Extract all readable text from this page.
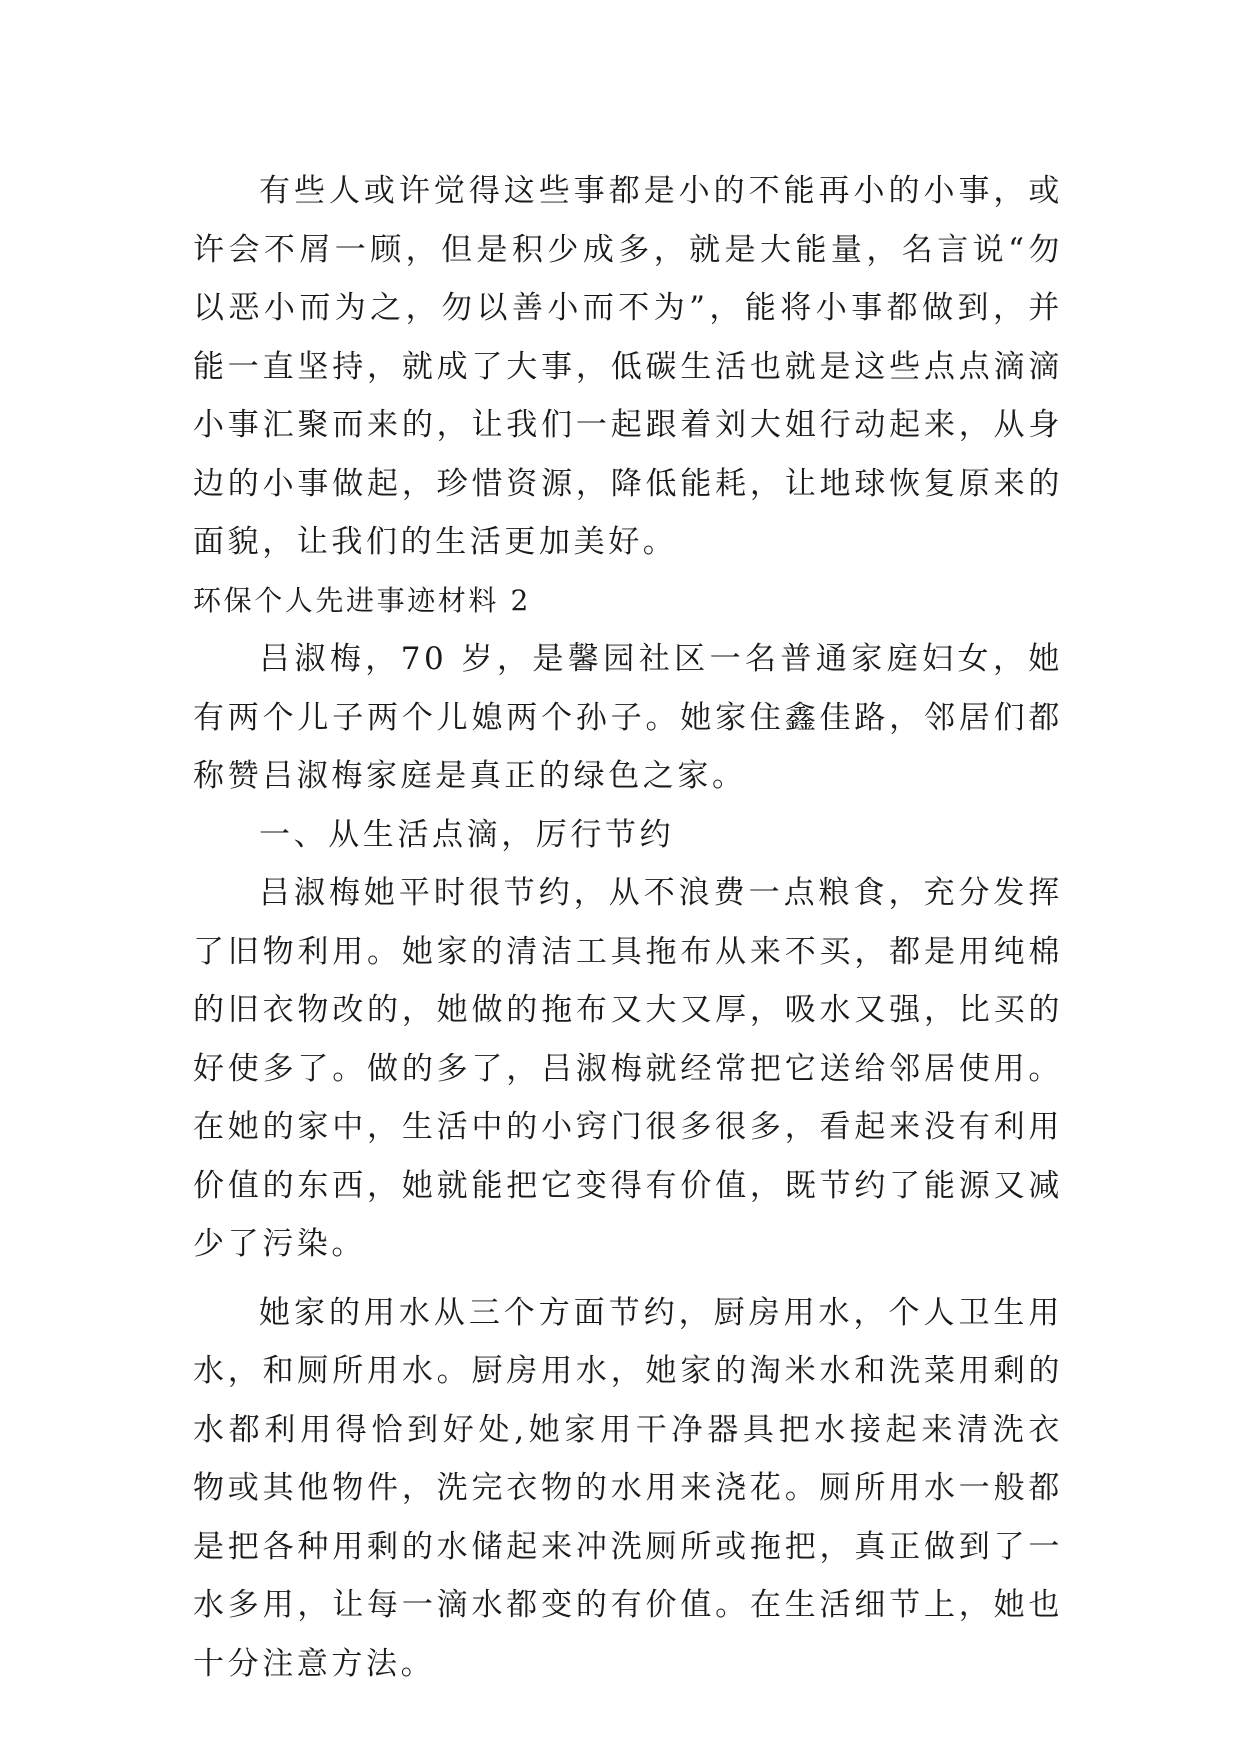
有些人或许觉得这些事都是小的不能再小的小事，或许会不屑一顾，但是积少成多，就是大能量，名言说“勿以恶小而为之，勿以善小而不为”，能将小事都做到，并能一直坚持，就成了大事，低碳生活也就是这些点点滴滴小事汇聚而来的，让我们一起跟着刘大姐行动起来，从身边的小事做起，珍惜资源，降低能耗，让地球恢复原来的面貌，让我们的生活更加美好。

环保个人先进事迹材料 2

吕淑梅，70 岁，是馨园社区一名普通家庭妇女，她有两个儿子两个儿媳两个孙子。她家住鑫佳路，邻居们都称赞吕淑梅家庭是真正的绿色之家。

一、从生活点滴，厉行节约

吕淑梅她平时很节约，从不浪费一点粮食，充分发挥了旧物利用。她家的清洁工具拖布从来不买，都是用纯棉的旧衣物改的，她做的拖布又大又厚，吸水又强，比买的好使多了。做的多了，吕淑梅就经常把它送给邻居使用。在她的家中，生活中的小窍门很多很多，看起来没有利用价值的东西，她就能把它变得有价值，既节约了能源又减少了污染。

她家的用水从三个方面节约，厨房用水，个人卫生用水，和厕所用水。厨房用水，她家的淘米水和洗菜用剩的水都利用得恰到好处,她家用干净器具把水接起来清洗衣物或其他物件，洗完衣物的水用来浇花。厕所用水一般都是把各种用剩的水储起来冲洗厕所或拖把，真正做到了一水多用，让每一滴水都变的有价值。在生活细节上，她也十分注意方法。
